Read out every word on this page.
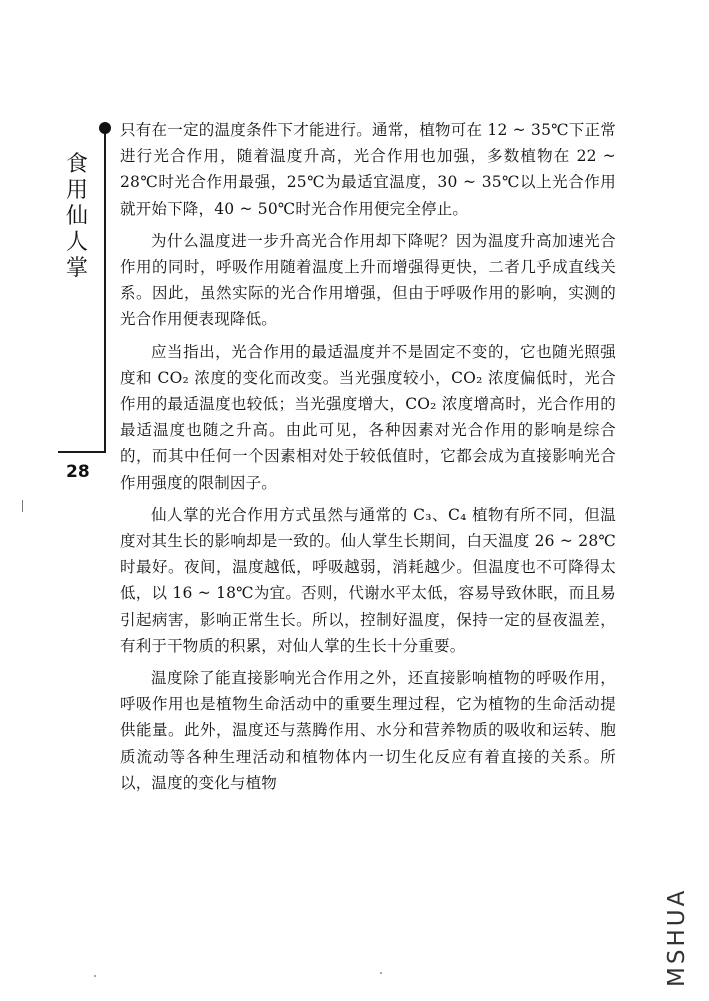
食用仙人掌
28

只有在一定的温度条件下才能进行。通常，植物可在 12 ~ 35℃下正常进行光合作用，随着温度升高，光合作用也加强，多数植物在 22 ~ 28℃时光合作用最强，25℃为最适宜温度，30 ~ 35℃以上光合作用就开始下降，40 ~ 50℃时光合作用便完全停止。

为什么温度进一步升高光合作用却下降呢？因为温度升高加速光合作用的同时，呼吸作用随着温度上升而增强得更快，二者几乎成直线关系。因此，虽然实际的光合作用增强，但由于呼吸作用的影响，实测的光合作用便表现降低。

应当指出，光合作用的最适温度并不是固定不变的，它也随光照强度和 CO₂ 浓度的变化而改变。当光强度较小，CO₂ 浓度偏低时，光合作用的最适温度也较低；当光强度增大，CO₂ 浓度增高时，光合作用的最适温度也随之升高。由此可见，各种因素对光合作用的影响是综合的，而其中任何一个因素相对处于较低值时，它都会成为直接影响光合作用强度的限制因子。

仙人掌的光合作用方式虽然与通常的 C₃、C₄ 植物有所不同，但温度对其生长的影响却是一致的。仙人掌生长期间，白天温度 26 ~ 28℃时最好。夜间，温度越低，呼吸越弱，消耗越少。但温度也不可降得太低，以 16 ~ 18℃为宜。否则，代谢水平太低，容易导致休眠，而且易引起病害，影响正常生长。所以，控制好温度，保持一定的昼夜温差，有利于干物质的积累，对仙人掌的生长十分重要。

温度除了能直接影响光合作用之外，还直接影响植物的呼吸作用，呼吸作用也是植物生命活动中的重要生理过程，它为植物的生命活动提供能量。此外，温度还与蒸腾作用、水分和营养物质的吸收和运转、胞质流动等各种生理活动和植物体内一切生化反应有着直接的关系。所以，温度的变化与植物

MSHUA
